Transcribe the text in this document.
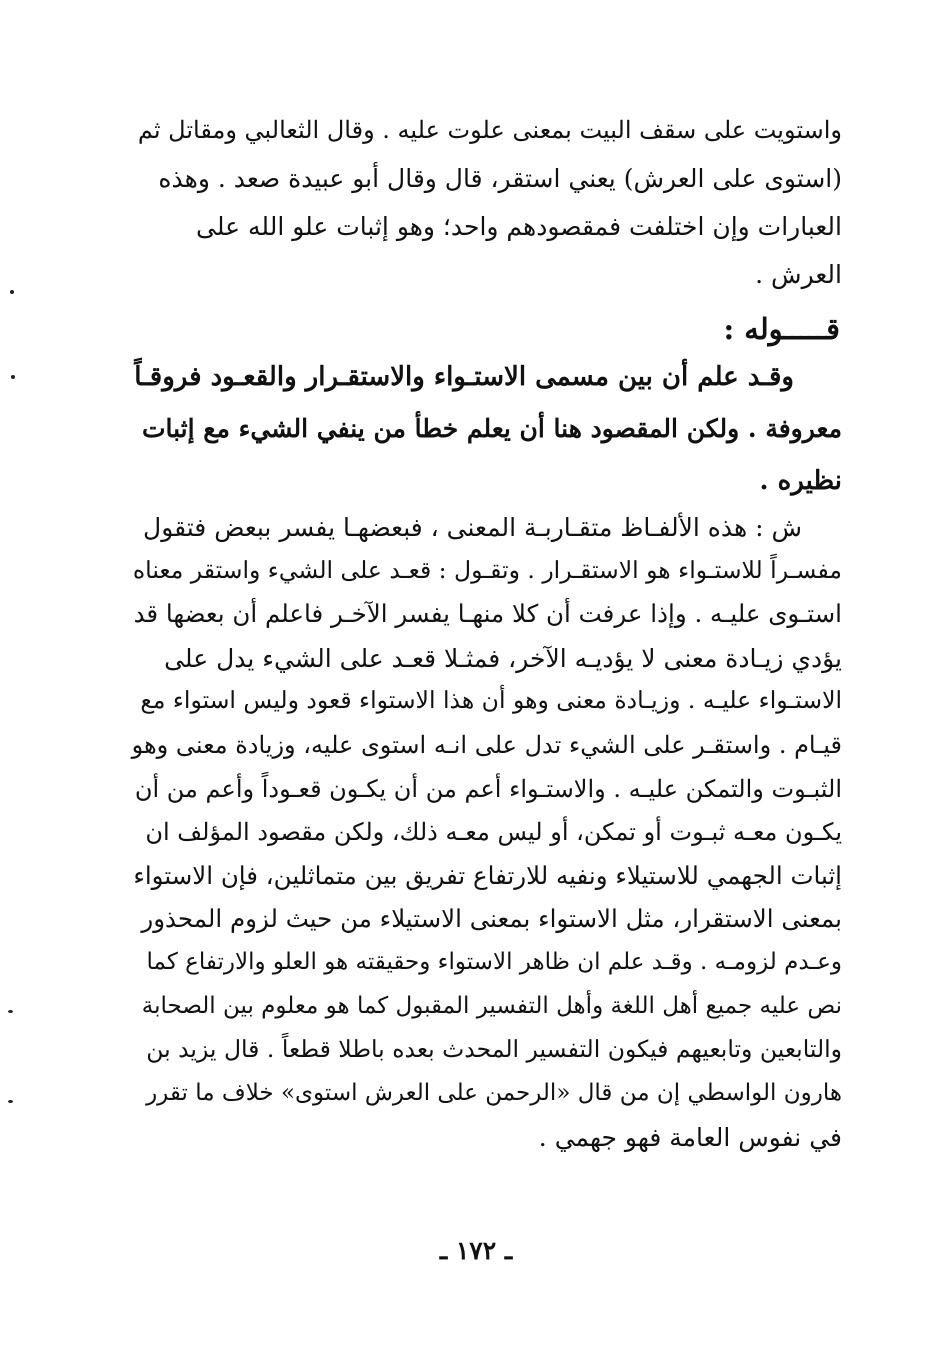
واستويت على سقف البيت بمعنى علوت عليه . وقال الثعالبي ومقاتل ثم
(استوى على العرش) يعني استقر، قال وقال أبو عبيدة صعد . وهذه
العبارات وإن اختلفت فمقصودهم واحد؛ وهو إثبات علو الله على
العرش .
قـــــوله :
وقـد علم أن بين مسمى الاستـواء والاستقـرار والقعـود فروقـاً
معروفة . ولكن المقصود هنا أن يعلم خطأ من ينفي الشيء مع إثبات
نظيره .
ش : هذه الألفـاظ متقـاربـة المعنى ، فبعضهـا يفسر ببعض فتقول
مفسـراً للاستـواء هو الاستقـرار . وتقـول : قعـد على الشيء واستقر معناه
استـوى عليـه . وإذا عرفت أن كلا منهـا يفسر الآخـر فاعلم أن بعضها قد
يؤدي زيـادة معنى لا يؤديـه الآخر، فمثـلا قعـد على الشيء يدل على
الاستـواء عليـه . وزيـادة معنى وهو أن هذا الاستواء قعود وليس استواء مع
قيـام . واستقـر على الشيء تدل على انـه استوى عليه، وزيادة معنى وهو
الثبـوت والتمكن عليـه . والاستـواء أعم من أن يكـون قعـوداً وأعم من أن
يكـون معـه ثبـوت أو تمكن، أو ليس معـه ذلك، ولكن مقصود المؤلف ان
إثبات الجهمي للاستيلاء ونفيه للارتفاع تفريق بين متماثلين، فإن الاستواء
بمعنى الاستقرار، مثل الاستواء بمعنى الاستيلاء من حيث لزوم المحذور
وعـدم لزومـه . وقـد علم ان ظاهر الاستواء وحقيقته هو العلو والارتفاع كما
نص عليه جميع أهل اللغة وأهل التفسير المقبول كما هو معلوم بين الصحابة
والتابعين وتابعيهم فيكون التفسير المحدث بعده باطلا قطعاً . قال يزيد بن
هارون الواسطي إن من قال «الرحمن على العرش استوى» خلاف ما تقرر
في نفوس العامة فهو جهمي .
ـ ١٧٢ ـ
